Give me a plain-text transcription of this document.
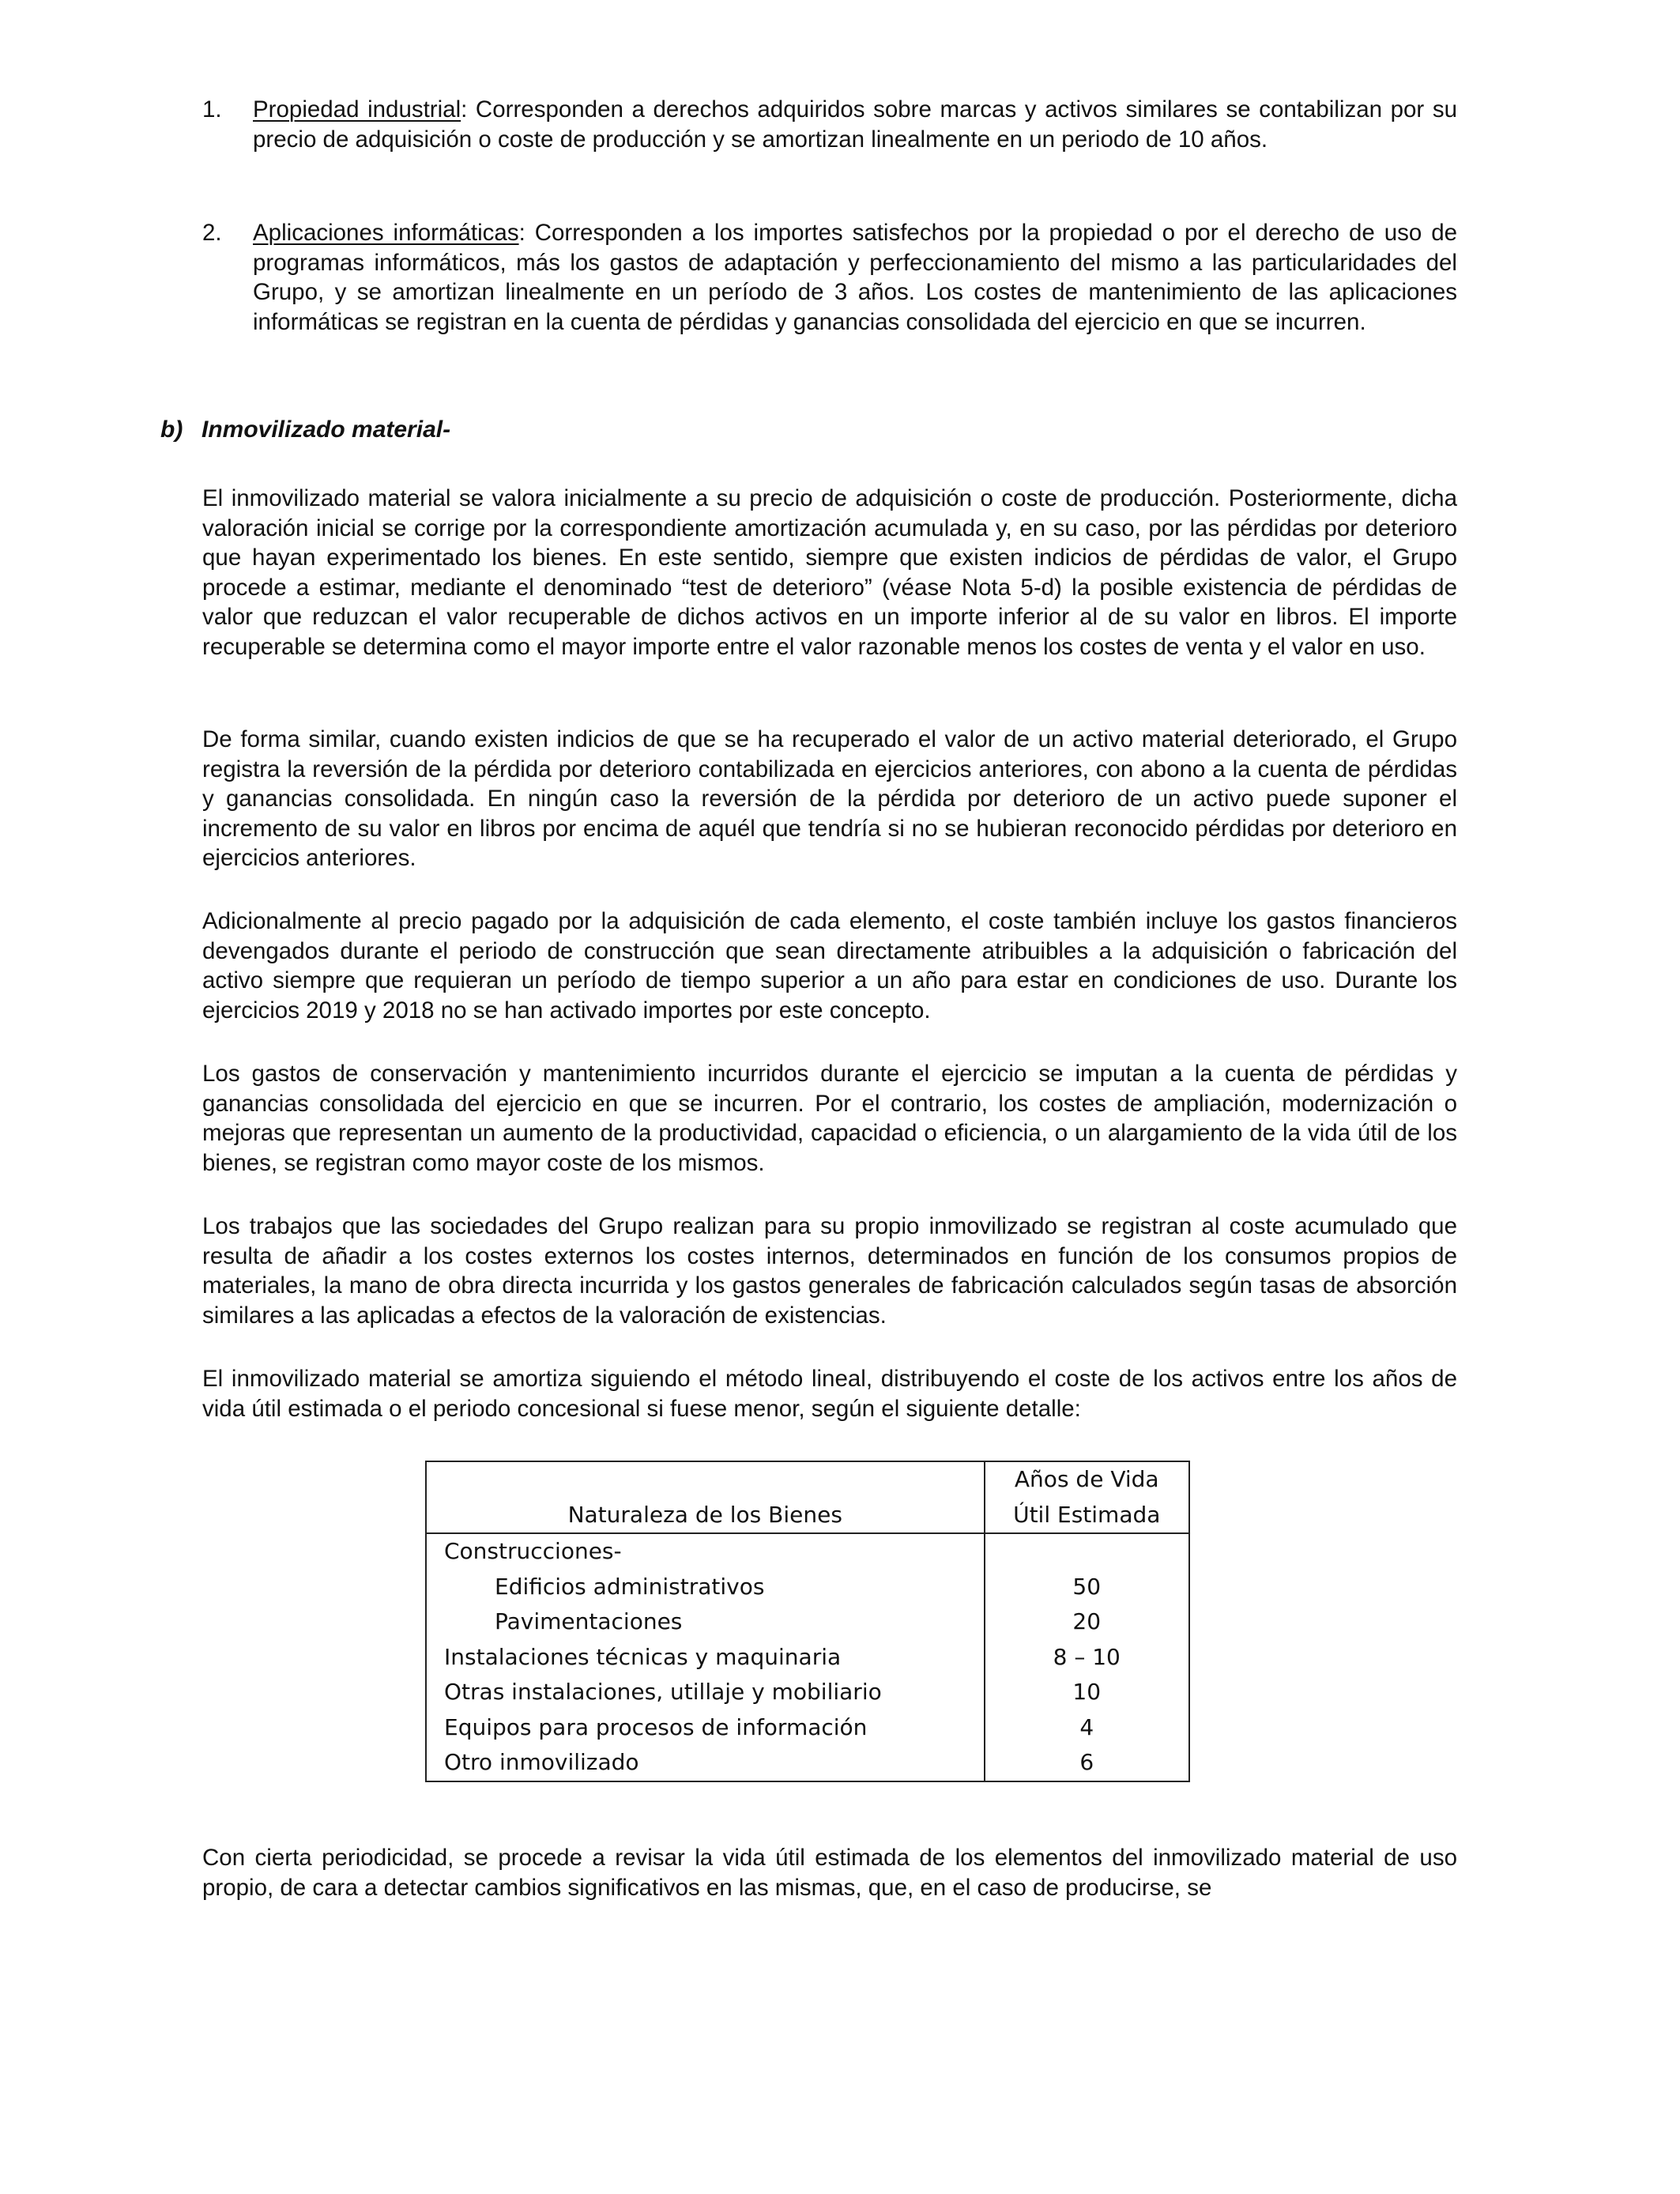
1. Propiedad industrial: Corresponden a derechos adquiridos sobre marcas y activos similares se contabilizan por su precio de adquisición o coste de producción y se amortizan linealmente en un periodo de 10 años.
2. Aplicaciones informáticas: Corresponden a los importes satisfechos por la propiedad o por el derecho de uso de programas informáticos, más los gastos de adaptación y perfeccionamiento del mismo a las particularidades del Grupo, y se amortizan linealmente en un período de 3 años. Los costes de mantenimiento de las aplicaciones informáticas se registran en la cuenta de pérdidas y ganancias consolidada del ejercicio en que se incurren.
b) Inmovilizado material-

El inmovilizado material se valora inicialmente a su precio de adquisición o coste de producción. Posteriormente, dicha valoración inicial se corrige por la correspondiente amortización acumulada y, en su caso, por las pérdidas por deterioro que hayan experimentado los bienes. En este sentido, siempre que existen indicios de pérdidas de valor, el Grupo procede a estimar, mediante el denominado “test de deterioro” (véase Nota 5-d) la posible existencia de pérdidas de valor que reduzcan el valor recuperable de dichos activos en un importe inferior al de su valor en libros. El importe recuperable se determina como el mayor importe entre el valor razonable menos los costes de venta y el valor en uso.

De forma similar, cuando existen indicios de que se ha recuperado el valor de un activo material deteriorado, el Grupo registra la reversión de la pérdida por deterioro contabilizada en ejercicios anteriores, con abono a la cuenta de pérdidas y ganancias consolidada. En ningún caso la reversión de la pérdida por deterioro de un activo puede suponer el incremento de su valor en libros por encima de aquél que tendría si no se hubieran reconocido pérdidas por deterioro en ejercicios anteriores.

Adicionalmente al precio pagado por la adquisición de cada elemento, el coste también incluye los gastos financieros devengados durante el periodo de construcción que sean directamente atribuibles a la adquisición o fabricación del activo siempre que requieran un período de tiempo superior a un año para estar en condiciones de uso. Durante los ejercicios 2019 y 2018 no se han activado importes por este concepto.

Los gastos de conservación y mantenimiento incurridos durante el ejercicio se imputan a la cuenta de pérdidas y ganancias consolidada del ejercicio en que se incurren. Por el contrario, los costes de ampliación, modernización o mejoras que representan un aumento de la productividad, capacidad o eficiencia, o un alargamiento de la vida útil de los bienes, se registran como mayor coste de los mismos.

Los trabajos que las sociedades del Grupo realizan para su propio inmovilizado se registran al coste acumulado que resulta de añadir a los costes externos los costes internos, determinados en función de los consumos propios de materiales, la mano de obra directa incurrida y los gastos generales de fabricación calculados según tasas de absorción similares a las aplicadas a efectos de la valoración de existencias.

El inmovilizado material se amortiza siguiendo el método lineal, distribuyendo el coste de los activos entre los años de vida útil estimada o el periodo concesional si fuese menor, según el siguiente detalle:

Naturaleza de los Bienes	Años de Vida
Útil Estimada

Construcciones-	

Edificios administrativos	50

Pavimentaciones	20
Instalaciones técnicas y maquinaria	8 – 10
Otras instalaciones, utillaje y mobiliario	10
Equipos para procesos de información	4
Otro inmovilizado	6

Con cierta periodicidad, se procede a revisar la vida útil estimada de los elementos del inmovilizado material de uso propio, de cara a detectar cambios significativos en las mismas, que, en el caso de producirse, se
